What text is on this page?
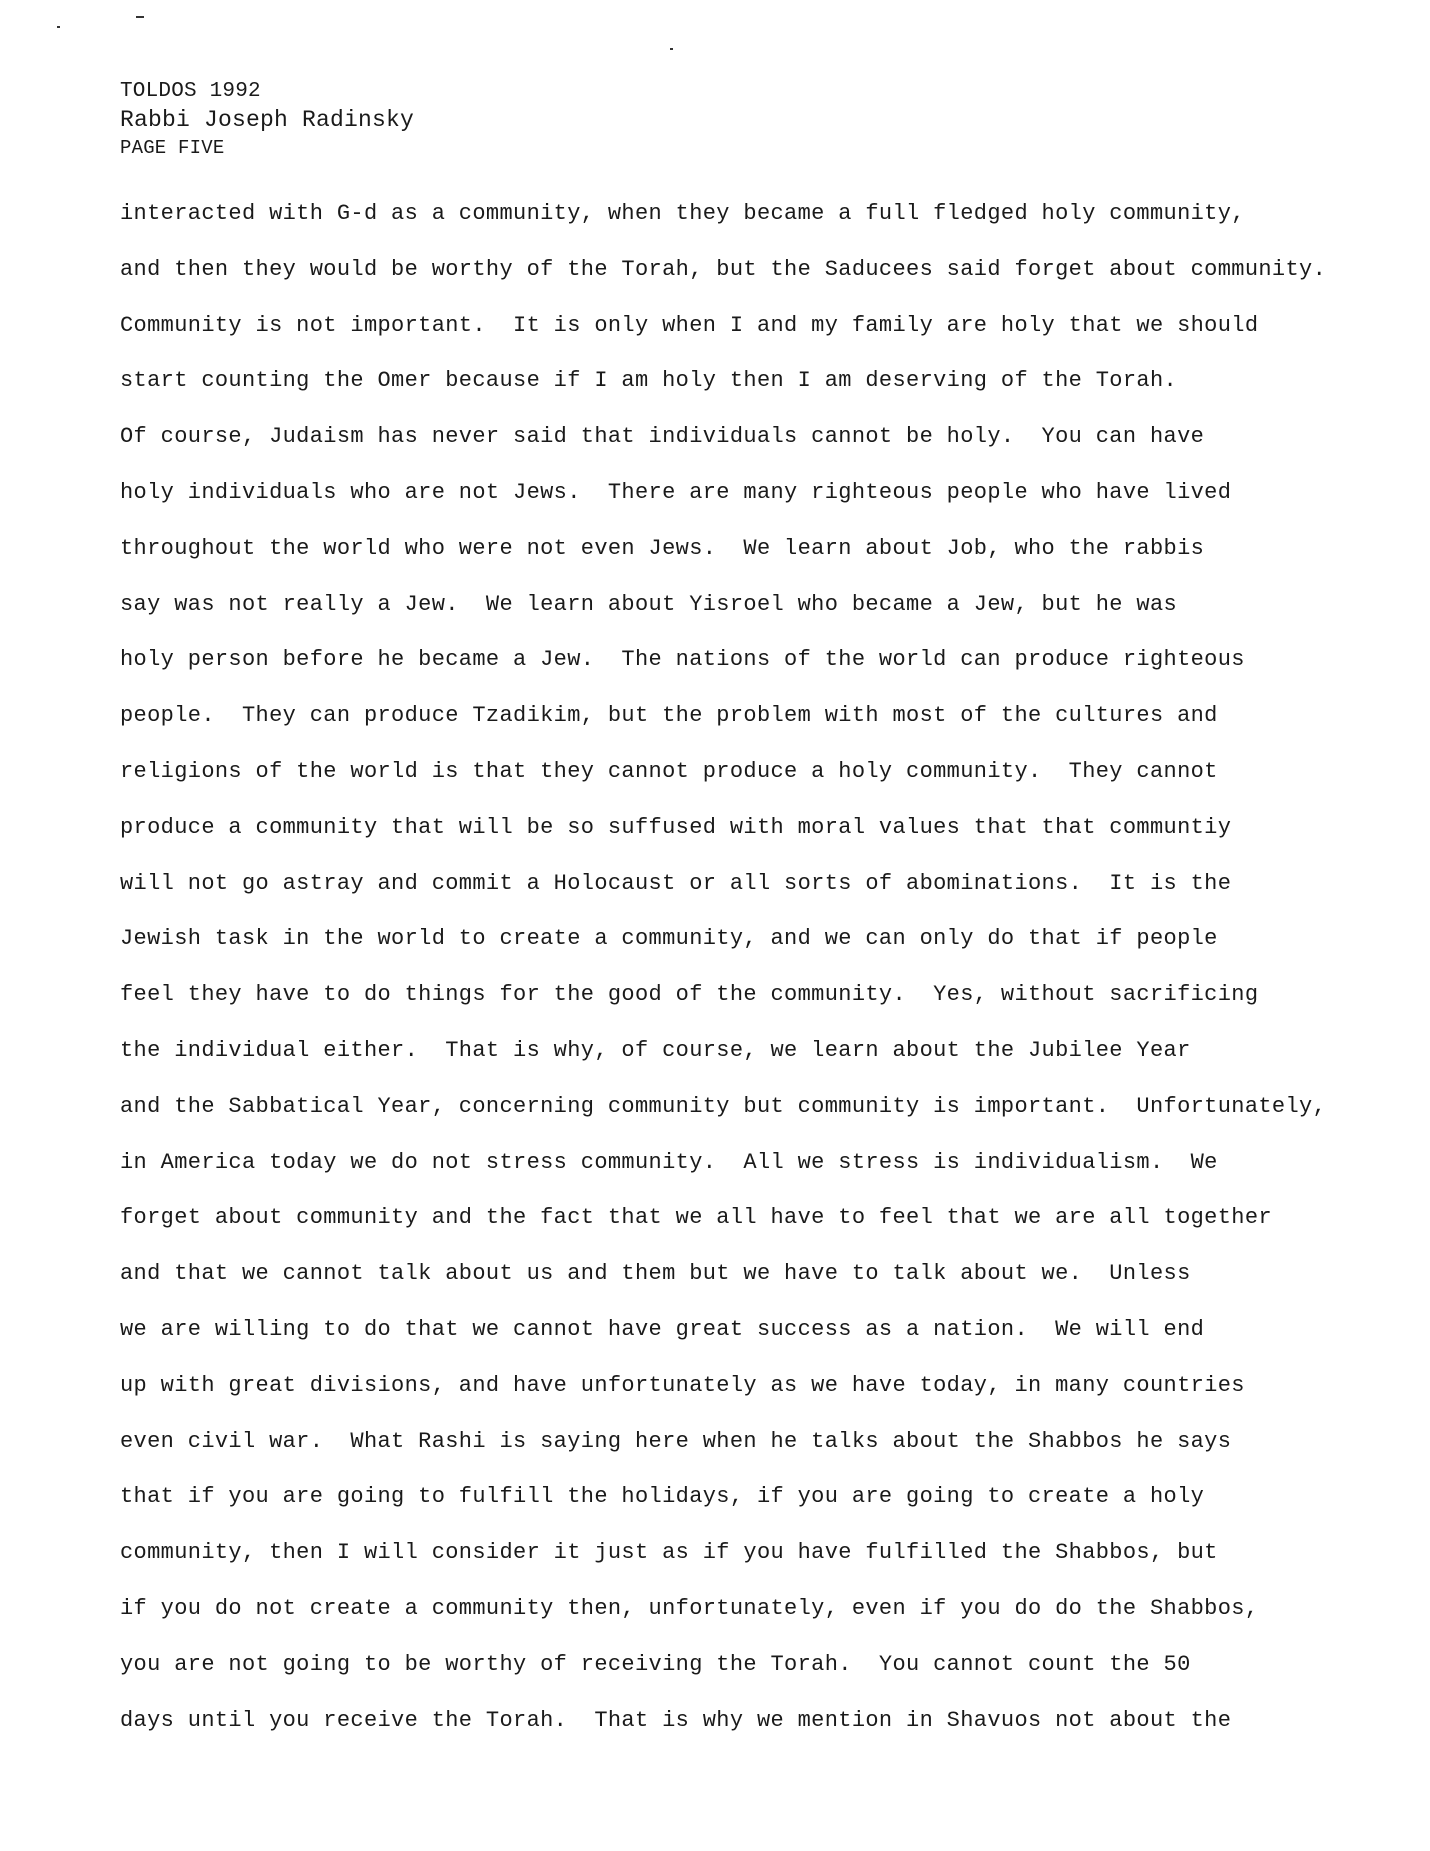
TOLDOS 1992
Rabbi Joseph Radinsky
PAGE FIVE
interacted with G-d as a community, when they became a full fledged holy community,
and then they would be worthy of the Torah, but the Saducees said forget about community.
Community is not important.  It is only when I and my family are holy that we should
start counting the Omer because if I am holy then I am deserving of the Torah.
Of course, Judaism has never said that individuals cannot be holy.  You can have
holy individuals who are not Jews.  There are many righteous people who have lived
throughout the world who were not even Jews.  We learn about Job, who the rabbis
say was not really a Jew.  We learn about Yisroel who became a Jew, but he was
holy person before he became a Jew.  The nations of the world can produce righteous
people.  They can produce Tzadikim, but the problem with most of the cultures and
religions of the world is that they cannot produce a holy community.  They cannot
produce a community that will be so suffused with moral values that that communtiy
will not go astray and commit a Holocaust or all sorts of abominations.  It is the
Jewish task in the world to create a community, and we can only do that if people
feel they have to do things for the good of the community.  Yes, without sacrificing
the individual either.  That is why, of course, we learn about the Jubilee Year
and the Sabbatical Year, concerning community but community is important.  Unfortunately,
in America today we do not stress community.  All we stress is individualism.  We
forget about community and the fact that we all have to feel that we are all together
and that we cannot talk about us and them but we have to talk about we.  Unless
we are willing to do that we cannot have great success as a nation.  We will end
up with great divisions, and have unfortunately as we have today, in many countries
even civil war.  What Rashi is saying here when he talks about the Shabbos he says
that if you are going to fulfill the holidays, if you are going to create a holy
community, then I will consider it just as if you have fulfilled the Shabbos, but
if you do not create a community then, unfortunately, even if you do do the Shabbos,
you are not going to be worthy of receiving the Torah.  You cannot count the 50
days until you receive the Torah.  That is why we mention in Shavuos not about the
